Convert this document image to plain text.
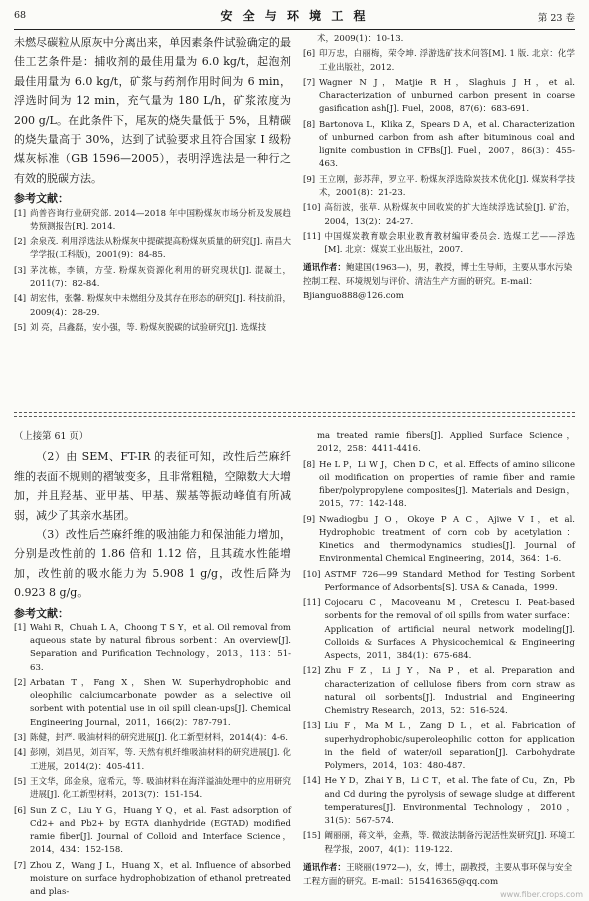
68	安 全 与 环 境 工 程	第 23 卷

未燃尽碳粒从原灰中分离出来，单因素条件试验确定的最佳工艺条件是：捕收剂的最佳用量为 6.0 kg/t，起泡剂最佳用量为 6.0 kg/t，矿浆与药剂作用时间为 6 min，浮选时间为 12 min，充气量为 180 L/h，矿浆浓度为 200 g/L。在此条件下，尾灰的烧失量低于 5%，且精碳的烧失量高于 30%，达到了试验要求且符合国家 Ⅰ 级粉煤灰标准（GB 1596—2005），表明浮选法是一种行之有效的脱碳方法。

参考文献：
[1] 尚普咨询行业研究部. 2014—2018 年中国粉煤灰市场分析及发展趋势预测报告[R]. 2014.
[2] 余泉茂. 利用浮选法从粉煤灰中提碳提高粉煤灰质量的研究[J]. 南昌大学学报(工科版)，2001(9)：84-85.
[3] 茅沈栋，李镇，方莹. 粉煤灰资源化利用的研究现状[J]. 混凝土，2011(7)：82-84.
[4] 胡宏伟，张馨. 粉煤灰中未燃组分及其存在形态的研究[J]. 科技前沿，2009(4)：28-29.
[5] 刘 亮，吕鑫磊，安小强，等. 粉煤灰脱碳的试验研究[J]. 选煤技
术，2009(1)：10-13.
[6] 印万忠，白丽梅，荣令坤. 浮游选矿技术问答[M]. 1 版. 北京：化学工业出版社，2012.
[7] Wagner N J，Matjie R H，Slaghuis J H，et al. Characterization of unburned carbon present in coarse gasification ash[J]. Fuel，2008，87(6)：683-691.
[8] Bartonova L，Klika Z，Spears D A，et al. Characterization of unburned carbon from ash after bituminous coal and lignite combustion in CFBs[J]. Fuel，2007，86(3)：455-463.
[9] 王立刚，彭苏萍，罗立平. 粉煤灰浮选除炭技术优化[J]. 煤炭科学技术，2001(8)：21-23.
[10] 高衍波，张草. 从粉煤灰中回收炭的扩大连续浮选试验[J]. 矿治，2004，13(2)：24-27.
[11] 中国煤炭教育歇会职业教育教材编审委员会. 选煤工艺——浮选[M]. 北京：煤炭工业出版社，2007.
通讯作者：鲍建国(1963—)，男，教授，博士生导师，主要从事水污染控制工程、环境规划与评价、清洁生产方面的研究。E-mail：Bjianguo888@126.com
（上接第 61 页）

（2）由 SEM、FT-IR 的表征可知，改性后苎麻纤维的表面不规则的褶皱变多，且非常粗糙，空隙数大大增加，并且羟基、亚甲基、甲基、羰基等振动峰值有所减弱，减少了其亲水基团。

（3）改性后苎麻纤维的吸油能力和保油能力增加，分别是改性前的 1.86 倍和 1.12 倍，且其疏水性能增加，改性前的吸水能力为 5.908 1 g/g，改性后降为 0.923 8 g/g。

参考文献：
[1] Wahi R，Chuah L A，Choong T S Y，et al. Oil removal from aqueous state by natural fibrous sorbent：An overview[J]. Separation and Purification Technology，2013，113：51-63.
[2] Arbatan T，Fang X，Shen W. Superhydrophobic and oleophilic calciumcarbonate powder as a selective oil sorbent with potential use in oil spill clean-ups[J]. Chemical Engineering Journal，2011，166(2)：787-791.
[3] 陈健，封严. 吸油材料的研究进展[J]. 化工新型材料，2014(4)：4-6.
[4] 彭刚，刘昌见，刘百军，等. 天然有机纤维吸油材料的研究进展[J]. 化工进展，2014(2)：405-411.
[5] 王文华，邱金泉，寇希元，等. 吸油材料在海洋溢油处理中的应用研究进展[J]. 化工新型材料，2013(7)：151-154.
[6] Sun Z C，Liu Y G，Huang Y Q，et al. Fast adsorption of Cd2+ and Pb2+ by EGTA dianhydride (EGTAD) modified ramie fiber[J]. Journal of Colloid and Interface Science，2014，434：152-158.
[7] Zhou Z，Wang J L，Huang X，et al. Influence of absorbed moisture on surface hydrophobization of ethanol pretreated and plas-
ma treated ramie fibers[J]. Applied Surface Science，2012，258：4411-4416.
[8] He L P，Li W J，Chen D C，et al. Effects of amino silicone oil modification on properties of ramie fiber and ramie fiber/polypropylene composites[J]. Materials and Design，2015，77：142-148.
[9] Nwadiogbu J O，Okoye P A C，Ajiwe V I，et al. Hydrophobic treatment of corn cob by acetylation：Kinetics and thermodynamics studies[J]. Journal of Environmental Chemical Engineering，2014，364：1-6.
[10] ASTMF 726—99 Standard Method for Testing Sorbent Performance of Adsorbents[S]. USA & Canada，1999.
[11] Cojocaru C，Macoveanu M，Cretescu I. Peat-based sorbents for the removal of oil spills from water surface：Application of artificial neural network modeling[J]. Colloids & Surfaces A Physicochemical & Engineering Aspects，2011，384(1)：675-684.
[12] Zhu F Z，Li J Y，Na P，et al. Preparation and characterization of cellulose fibers from corn straw as natural oil sorbents[J]. Industrial and Engineering Chemistry Research，2013，52：516-524.
[13] Liu F，Ma M L，Zang D L，et al. Fabrication of superhydrophobic/superoleophilic cotton for application in the field of water/oil separation[J]. Carbohydrate Polymers，2014，103：480-487.
[14] He Y D，Zhai Y B，Li C T，et al. The fate of Cu，Zn，Pb and Cd during the pyrolysis of sewage sludge at different temperatures[J]. Environmental Technology，2010，31(5)：567-574.
[15] 阚丽丽，蒋文举，金燕，等. 微波法制备污泥活性炭研究[J]. 环境工程学报，2007，4(1)：119-122.
通讯作者：王晓丽(1972—)，女，博士，副教授，主要从事环保与安全工程方面的研究。E-mail：515416365@qq.com
www.fiber.crops.com
